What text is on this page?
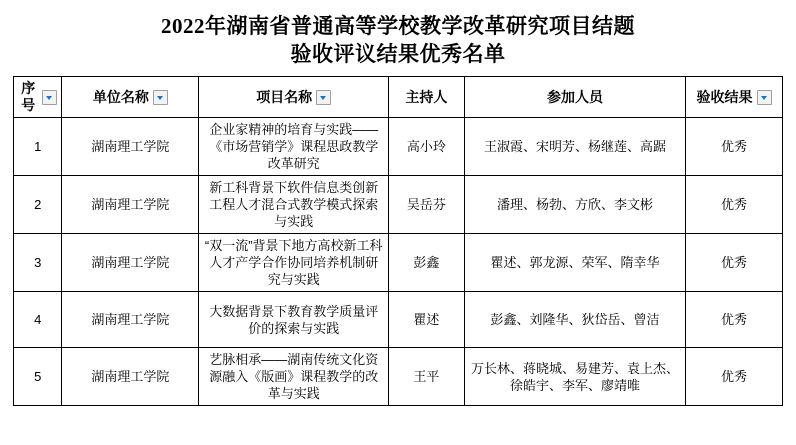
2022年湖南省普通高等学校教学改革研究项目结题
验收评议结果优秀名单
序号	单位名称	项目名称	主持人	参加人员	验收结果

1	湖南理工学院	企业家精神的培育与实践——《市场营销学》课程思政教学改革研究	高小玲	王淑霞、宋明芳、杨继莲、高踞	优秀
2	湖南理工学院	新工科背景下软件信息类创新工程人才混合式教学模式探索与实践	吴岳芬	潘理、杨勃、方欣、李文彬	优秀
3	湖南理工学院	“双一流”背景下地方高校新工科人才产学合作协同培养机制研究与实践	彭鑫	瞿述、郭龙源、荣军、隋幸华	优秀
4	湖南理工学院	大数据背景下教育教学质量评价的探索与实践	瞿述	彭鑫、刘隆华、狄岱岳、曾洁	优秀
5	湖南理工学院	艺脉相承——湖南传统文化资源融入《版画》课程教学的改革与实践	王平	万长林、蒋晓城、易建芳、袁上杰、徐皓宇、李军、廖靖唯	优秀
